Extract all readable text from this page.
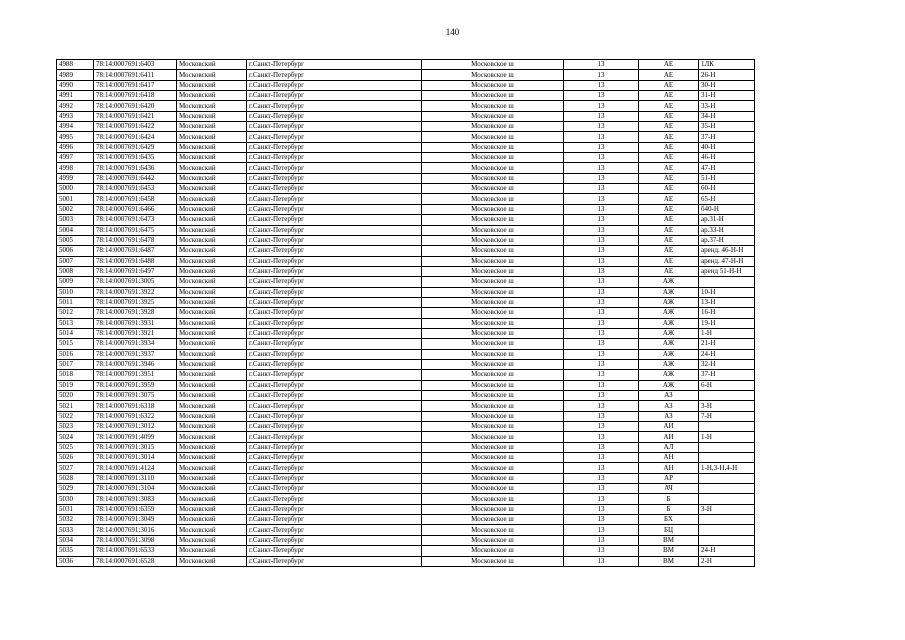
140
4988	78:14:0007691:6403	Московский	г.Санкт-Петербург	Московское ш	13	АЕ	1ЛК
4989	78:14:0007691:6411	Московский	г.Санкт-Петербург	Московское ш	13	АЕ	26-Н
4990	78:14:0007691:6417	Московский	г.Санкт-Петербург	Московское ш	13	АЕ	30-Н
4991	78:14:0007691:6418	Московский	г.Санкт-Петербург	Московское ш	13	АЕ	31-Н
4992	78:14:0007691:6420	Московский	г.Санкт-Петербург	Московское ш	13	АЕ	33-Н
4993	78:14:0007691:6421	Московский	г.Санкт-Петербург	Московское ш	13	АЕ	34-Н
4994	78:14:0007691:6422	Московский	г.Санкт-Петербург	Московское ш	13	АЕ	35-Н
4995	78:14:0007691:6424	Московский	г.Санкт-Петербург	Московское ш	13	АЕ	37-Н
4996	78:14:0007691:6429	Московский	г.Санкт-Петербург	Московское ш	13	АЕ	40-Н
4997	78:14:0007691:6435	Московский	г.Санкт-Петербург	Московское ш	13	АЕ	46-Н
4998	78:14:0007691:6436	Московский	г.Санкт-Петербург	Московское ш	13	АЕ	47-Н
4999	78:14:0007691:6442	Московский	г.Санкт-Петербург	Московское ш	13	АЕ	51-Н
5000	78:14:0007691:6453	Московский	г.Санкт-Петербург	Московское ш	13	АЕ	60-Н
5001	78:14:0007691:6458	Московский	г.Санкт-Петербург	Московское ш	13	АЕ	65-Н
5002	78:14:0007691:6466	Московский	г.Санкт-Петербург	Московское ш	13	АЕ	б40-Н
5003	78:14:0007691:6473	Московский	г.Санкт-Петербург	Московское ш	13	АЕ	ар.31-Н
5004	78:14:0007691:6475	Московский	г.Санкт-Петербург	Московское ш	13	АЕ	ар.33-Н
5005	78:14:0007691:6478	Московский	г.Санкт-Петербург	Московское ш	13	АЕ	ар.37-Н
5006	78:14:0007691:6487	Московский	г.Санкт-Петербург	Московское ш	13	АЕ	аренд. 46-Н-Н
5007	78:14:0007691:6488	Московский	г.Санкт-Петербург	Московское ш	13	АЕ	аренд. 47-Н-Н
5008	78:14:0007691:6497	Московский	г.Санкт-Петербург	Московское ш	13	АЕ	аренд 51-Н-Н
5009	78:14:0007691:3005	Московский	г.Санкт-Петербург	Московское ш	13	АЖ	
5010	78:14:0007691:3922	Московский	г.Санкт-Петербург	Московское ш	13	АЖ	10-Н
5011	78:14:0007691:3925	Московский	г.Санкт-Петербург	Московское ш	13	АЖ	13-Н
5012	78:14:0007691:3928	Московский	г.Санкт-Петербург	Московское ш	13	АЖ	16-Н
5013	78:14:0007691:3931	Московский	г.Санкт-Петербург	Московское ш	13	АЖ	19-Н
5014	78:14:0007691:3921	Московский	г.Санкт-Петербург	Московское ш	13	АЖ	1-Н
5015	78:14:0007691:3934	Московский	г.Санкт-Петербург	Московское ш	13	АЖ	21-Н
5016	78:14:0007691:3937	Московский	г.Санкт-Петербург	Московское ш	13	АЖ	24-Н
5017	78:14:0007691:3946	Московский	г.Санкт-Петербург	Московское ш	13	АЖ	32-Н
5018	78:14:0007691:3951	Московский	г.Санкт-Петербург	Московское ш	13	АЖ	37-Н
5019	78:14:0007691:3959	Московский	г.Санкт-Петербург	Московское ш	13	АЖ	6-Н
5020	78:14:0007691:3075	Московский	г.Санкт-Петербург	Московское ш	13	АЗ	
5021	78:14:0007691:6318	Московский	г.Санкт-Петербург	Московское ш	13	АЗ	3-Н
5022	78:14:0007691:6322	Московский	г.Санкт-Петербург	Московское ш	13	АЗ	7-Н
5023	78:14:0007691:3012	Московский	г.Санкт-Петербург	Московское ш	13	АИ	
5024	78:14:0007691:4099	Московский	г.Санкт-Петербург	Московское ш	13	АИ	1-Н
5025	78:14:0007691:3015	Московский	г.Санкт-Петербург	Московское ш	13	АЛ	
5026	78:14:0007691:3014	Московский	г.Санкт-Петербург	Московское ш	13	АН	
5027	78:14:0007691:4124	Московский	г.Санкт-Петербург	Московское ш	13	АН	1-Н,3-Н,4-Н
5028	78:14:0007691:3110	Московский	г.Санкт-Петербург	Московское ш	13	АР	
5029	78:14:0007691:3104	Московский	г.Санкт-Петербург	Московское ш	13	АЧ	
5030	78:14:0007691:3083	Московский	г.Санкт-Петербург	Московское ш	13	Б	
5031	78:14:0007691:6359	Московский	г.Санкт-Петербург	Московское ш	13	Б	3-Н
5032	78:14:0007691:3049	Московский	г.Санкт-Петербург	Московское ш	13	БХ	
5033	78:14:0007691:3016	Московский	г.Санкт-Петербург	Московское ш	13	БЦ	
5034	78:14:0007691:3098	Московский	г.Санкт-Петербург	Московское ш	13	ВМ	
5035	78:14:0007691:6533	Московский	г.Санкт-Петербург	Московское ш	13	ВМ	24-Н
5036	78:14:0007691:6528	Московский	г.Санкт-Петербург	Московское ш	13	ВМ	2-Н
